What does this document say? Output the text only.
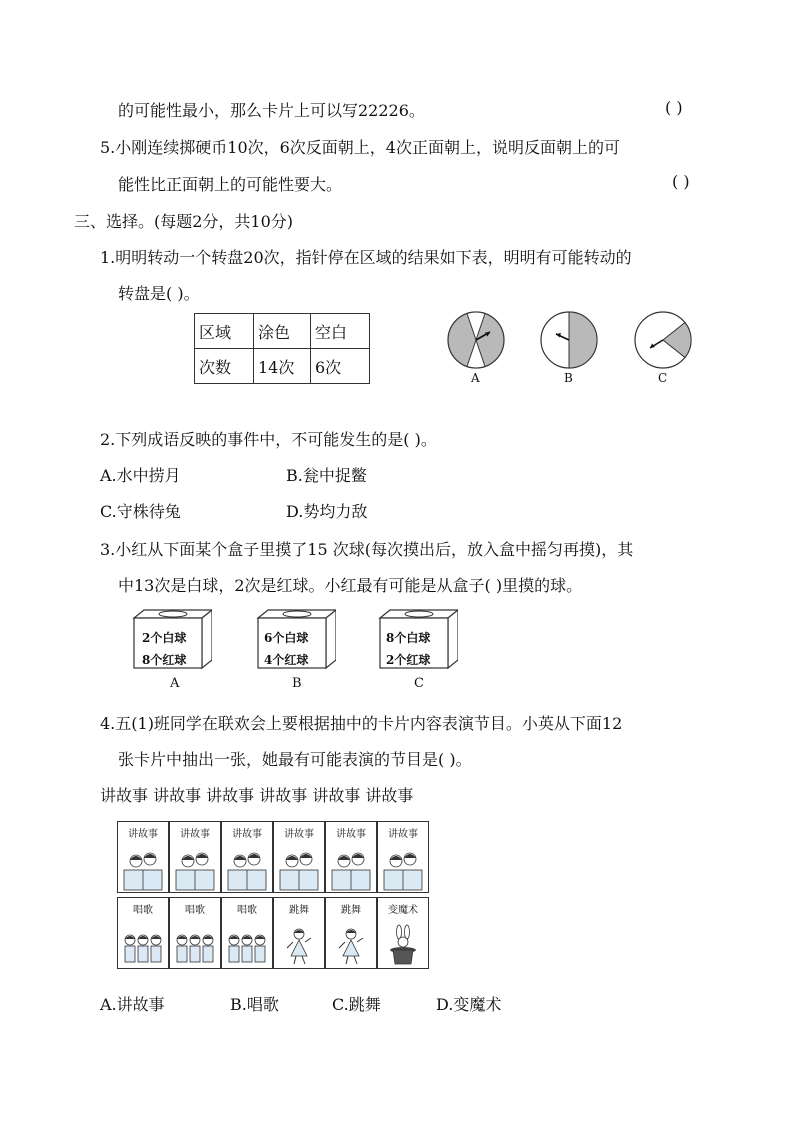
的可能性最小，那么卡片上可以写22226。	( )
5.小刚连续掷硬币10次，6次反面朝上，4次正面朝上，说明反面朝上的可
能性比正面朝上的可能性要大。	( )
三、选择。(每题2分，共10分)
1.明明转动一个转盘20次，指针停在区域的结果如下表，明明有可能转动的
转盘是( )。
区域	涂色	空白
次数	14次	6次
A	B	C
2.下列成语反映的事件中，不可能发生的是( )。
A.水中捞月	B.瓮中捉鳖
C.守株待兔	D.势均力敌
3.小红从下面某个盒子里摸了15 次球(每次摸出后，放入盒中摇匀再摸)，其
中13次是白球，2次是红球。小红最有可能是从盒子( )里摸的球。
2个白球
8个红球
A
6个白球
4个红球
B
8个白球
2个红球
C
4.五(1)班同学在联欢会上要根据抽中的卡片内容表演节目。小英从下面12
张卡片中抽出一张，她最有可能表演的节目是( )。
讲故事 讲故事 讲故事 讲故事 讲故事 讲故事
讲故事	讲故事	讲故事	讲故事	讲故事	讲故事
唱歌	唱歌	唱歌	跳舞	跳舞	变魔术
A.讲故事	B.唱歌	C.跳舞	D.变魔术
